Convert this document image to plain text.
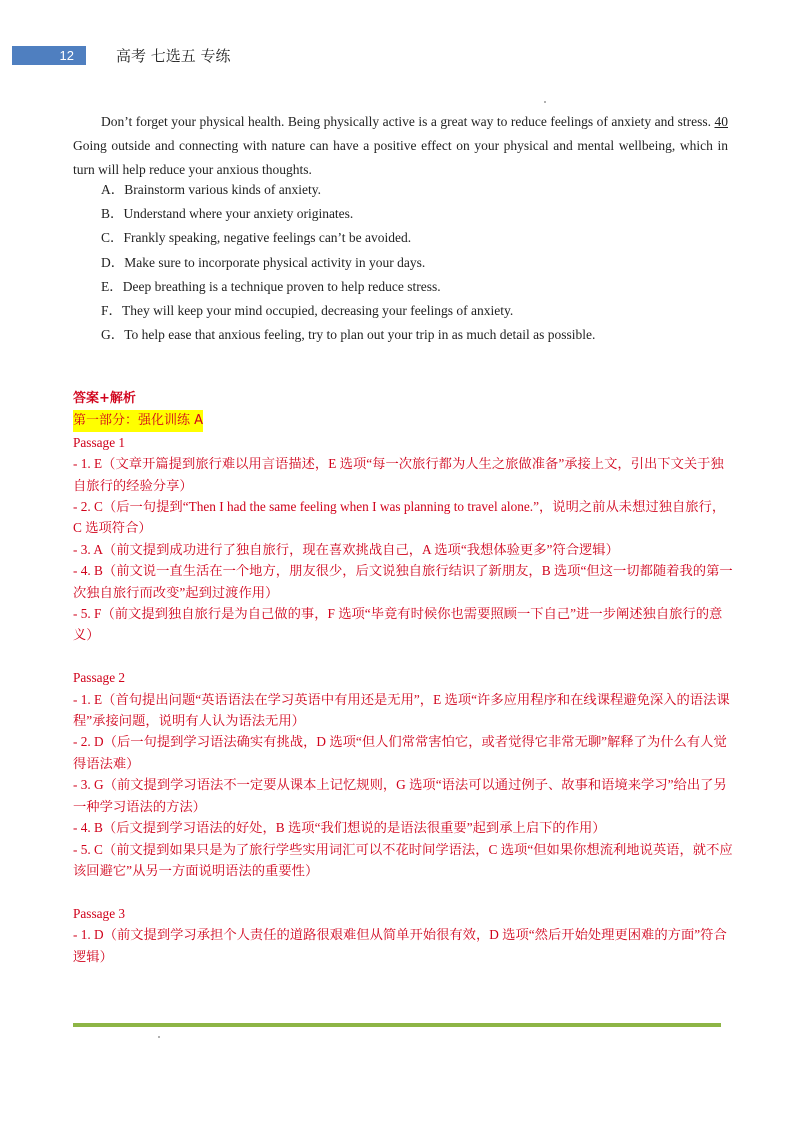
12	高考 七选五 专练

Don’t forget your physical health. Being physically active is a great way to reduce feelings of anxiety and stress. 40 Going outside and connecting with nature can have a positive effect on your physical and mental wellbeing, which in turn will help reduce your anxious thoughts.

A．Brainstorm various kinds of anxiety.
B．Understand where your anxiety originates.
C．Frankly speaking, negative feelings can’t be avoided.
D．Make sure to incorporate physical activity in your days.
E．Deep breathing is a technique proven to help reduce stress.
F．They will keep your mind occupied, decreasing your feelings of anxiety.
G．To help ease that anxious feeling, try to plan out your trip in as much detail as possible.
答案+解析
第一部分：强化训练 A
Passage 1
- 1. E（文章开篇提到旅行难以用言语描述，E 选项“每一次旅行都为人生之旅做准备”承接上文，引出下文关于独自旅行的经验分享）
- 2. C（后一句提到“Then I had the same feeling when I was planning to travel alone.”，说明之前从未想过独自旅行，C 选项符合）
- 3. A（前文提到成功进行了独自旅行，现在喜欢挑战自己，A 选项“我想体验更多”符合逻辑）
- 4. B（前文说一直生活在一个地方，朋友很少，后文说独自旅行结识了新朋友，B 选项“但这一切都随着我的第一次独自旅行而改变”起到过渡作用）
- 5. F（前文提到独自旅行是为自己做的事，F 选项“毕竟有时候你也需要照顾一下自己”进一步阐述独自旅行的意义）
Passage 2
- 1. E（首句提出问题“英语语法在学习英语中有用还是无用”，E 选项“许多应用程序和在线课程避免深入的语法课程”承接问题，说明有人认为语法无用）
- 2. D（后一句提到学习语法确实有挑战，D 选项“但人们常常害怕它，或者觉得它非常无聊”解释了为什么有人觉得语法难）
- 3. G（前文提到学习语法不一定要从课本上记忆规则，G 选项“语法可以通过例子、故事和语境来学习”给出了另一种学习语法的方法）
- 4. B（后文提到学习语法的好处，B 选项“我们想说的是语法很重要”起到承上启下的作用）
- 5. C（前文提到如果只是为了旅行学些实用词汇可以不花时间学语法，C 选项“但如果你想流利地说英语，就不应该回避它”从另一方面说明语法的重要性）
Passage 3
- 1. D（前文提到学习承担个人责任的道路很艰难但从简单开始很有效，D 选项“然后开始处理更困难的方面”符合逻辑）
